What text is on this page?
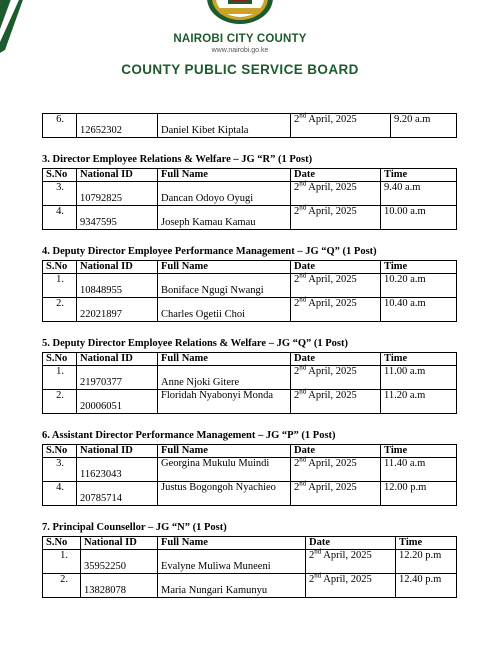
NAIROBI CITY COUNTY
www.nairobi.go.ke
COUNTY PUBLIC SERVICE BOARD
6.	12652302	Daniel Kibet Kiptala	2nd April, 2025	9.20 a.m
3. Director Employee Relations & Welfare – JG “R” (1 Post)
S.No	National ID	Full Name	Date	Time
3.	10792825	Dancan Odoyo Oyugi	2nd April, 2025	9.40 a.m
4.	9347595	Joseph Kamau Kamau	2nd April, 2025	10.00 a.m
4. Deputy Director Employee Performance Management – JG “Q” (1 Post)
S.No	National ID	Full Name	Date	Time
1.	10848955	Boniface Ngugi Nwangi	2nd April, 2025	10.20 a.m
2.	22021897	Charles Ogetii Choi	2nd April, 2025	10.40 a.m
5. Deputy Director Employee Relations & Welfare – JG “Q” (1 Post)
S.No	National ID	Full Name	Date	Time
1.	21970377	Anne Njoki Gitere	2nd April, 2025	11.00 a.m
2.	20006051	Floridah Nyabonyi Monda	2nd April, 2025	11.20 a.m
6. Assistant Director Performance Management – JG “P” (1 Post)
S.No	National ID	Full Name	Date	Time
3.	11623043	Georgina Mukulu Muindi	2nd April, 2025	11.40 a.m
4.	20785714	Justus Bogongoh Nyachieo	2nd April, 2025	12.00 p.m
7. Principal Counsellor – JG “N” (1 Post)
S.No	National ID	Full Name	Date	Time
1.	35952250	Evalyne Muliwa Muneeni	2nd April, 2025	12.20 p.m
2.	13828078	Maria Nungari Kamunyu	2nd April, 2025	12.40 p.m
